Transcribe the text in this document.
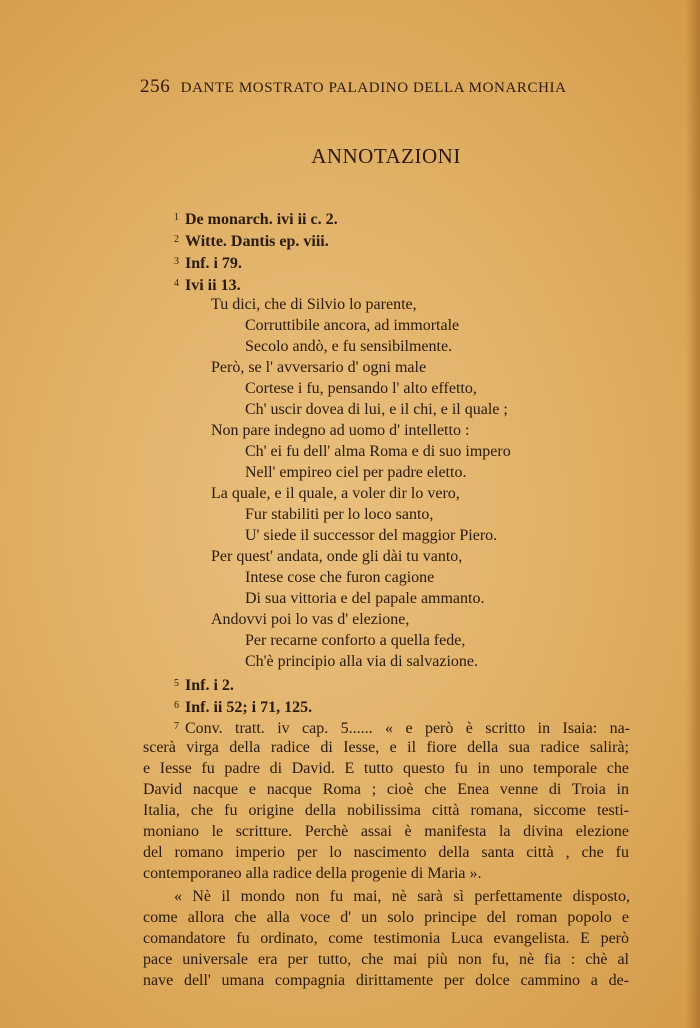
256 DANTE MOSTRATO PALADINO DELLA MONARCHIA
ANNOTAZIONI
$^1$ De monarch. ivi ii c. 2.
$^2$ Witte. Dantis ep. viii.
$^3$ Inf. i 79.
$^4$ Ivi ii 13.
Tu dici, che di Silvio lo parente,
Corruttibile ancora, ad immortale
Secolo andò, e fu sensibilmente.
Però, se l' avversario d' ogni male
Cortese i fu, pensando l' alto effetto,
Ch' uscir dovea di lui, e il chi, e il quale ;
Non pare indegno ad uomo d' intelletto :
Ch' ei fu dell' alma Roma e di suo impero
Nell' empireo ciel per padre eletto.
La quale, e il quale, a voler dir lo vero,
Fur stabiliti per lo loco santo,
U' siede il successor del maggior Piero.
Per quest' andata, onde gli dài tu vanto,
Intese cose che furon cagione
Di sua vittoria e del papale ammanto.
Andovvi poi lo vas d' elezione,
Per recarne conforto a quella fede,
Ch'è principio alla via di salvazione.
$^5$ Inf. i 2.
$^6$ Inf. ii 52; i 71, 125.
$^7$ Conv. tratt. iv cap. 5...... « e però è scritto in Isaia: na-
scerà virga della radice di Iesse, e il fiore della sua radice salirà;
e Iesse fu padre di David. E tutto questo fu in uno temporale che
David nacque e nacque Roma ; cioè che Enea venne di Troia in
Italia, che fu origine della nobilissima città romana, siccome testi-
moniano le scritture. Perchè assai è manifesta la divina elezione
del romano imperio per lo nascimento della santa città , che fu
contemporaneo alla radice della progenie di Maria ».
« Nè il mondo non fu mai, nè sarà sì perfettamente disposto,
come allora che alla voce d' un solo principe del roman popolo e
comandatore fu ordinato, come testimonia Luca evangelista. E però
pace universale era per tutto, che mai più non fu, nè fia : chè al
nave dell' umana compagnia dirittamente per dolce cammino a de-
